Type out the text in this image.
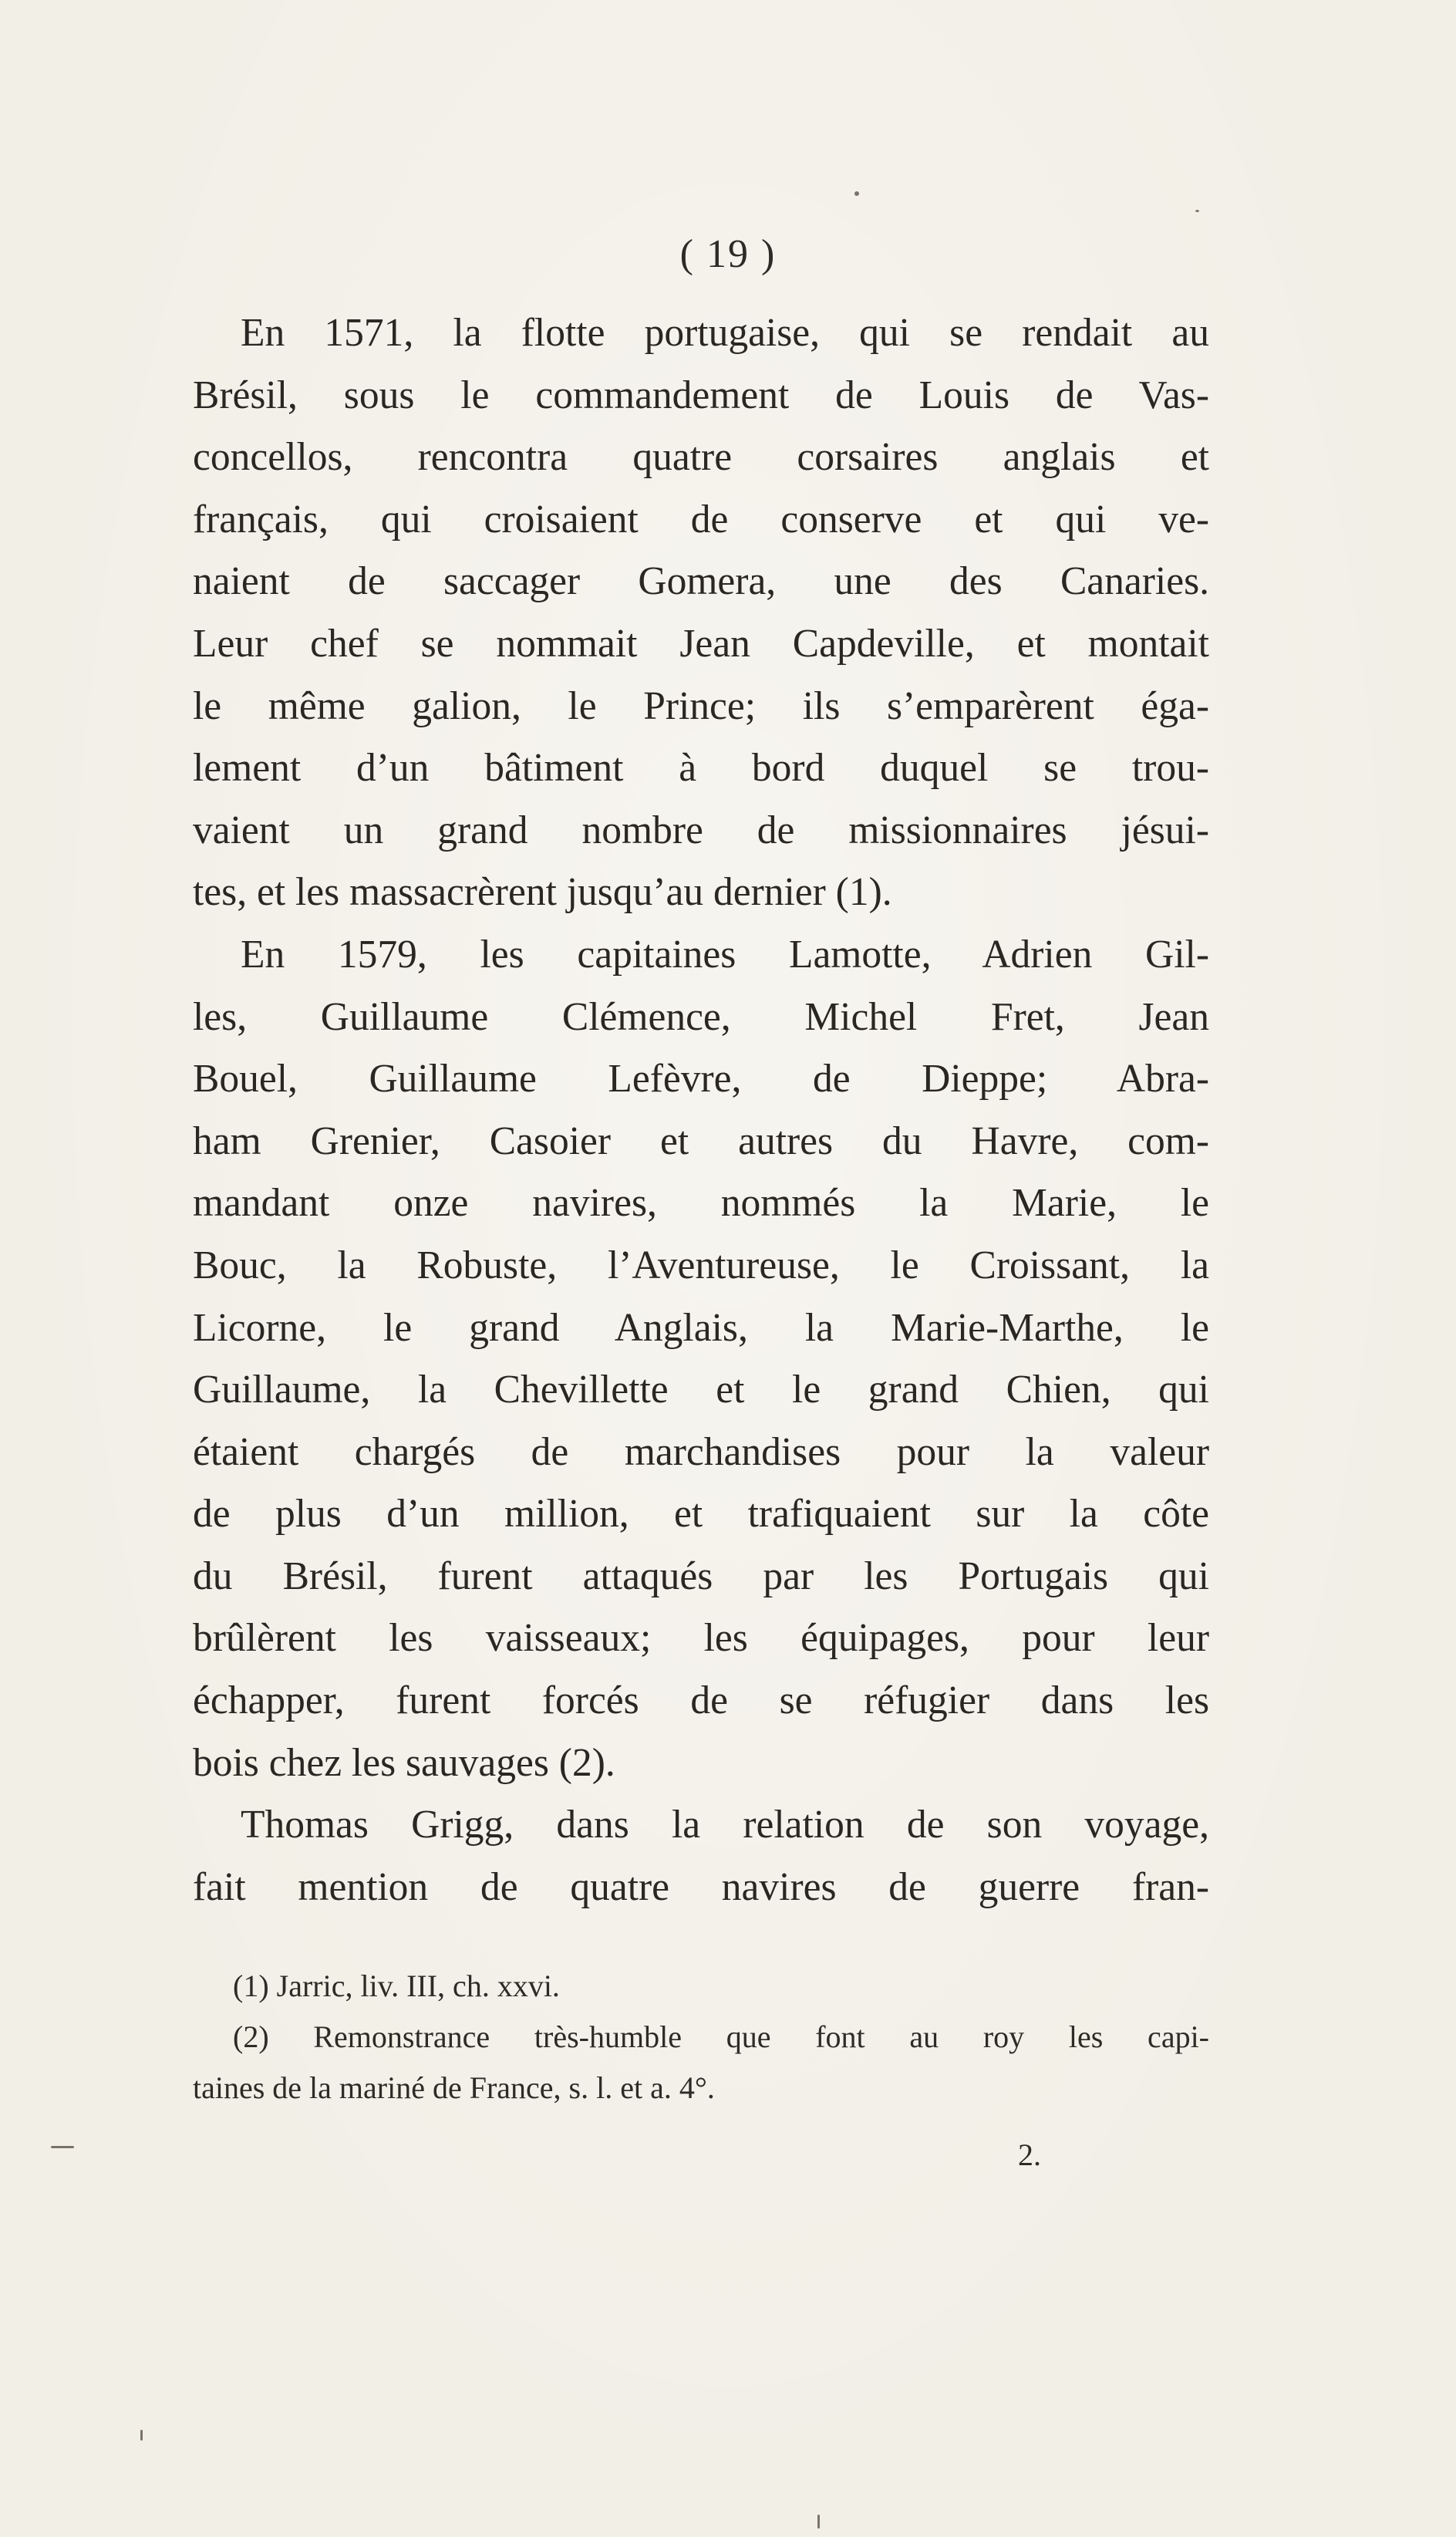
( 19 )
En 1571, la flotte portugaise, qui se rendait au
Brésil, sous le commandement de Louis de Vas-
concellos, rencontra quatre corsaires anglais et
français, qui croisaient de conserve et qui ve-
naient de saccager Gomera, une des Canaries.
Leur chef se nommait Jean Capdeville, et montait
le même galion, le Prince; ils s’emparèrent éga-
lement d’un bâtiment à bord duquel se trou-
vaient un grand nombre de missionnaires jésui-
tes, et les massacrèrent jusqu’au dernier (1).
En 1579, les capitaines Lamotte, Adrien Gil-
les, Guillaume Clémence, Michel Fret, Jean
Bouel, Guillaume Lefèvre, de Dieppe; Abra-
ham Grenier, Casoier et autres du Havre, com-
mandant onze navires, nommés la Marie, le
Bouc, la Robuste, l’Aventureuse, le Croissant, la
Licorne, le grand Anglais, la Marie-Marthe, le
Guillaume, la Chevillette et le grand Chien, qui
étaient chargés de marchandises pour la valeur
de plus d’un million, et trafiquaient sur la côte
du Brésil, furent attaqués par les Portugais qui
brûlèrent les vaisseaux; les équipages, pour leur
échapper, furent forcés de se réfugier dans les
bois chez les sauvages (2).
Thomas Grigg, dans la relation de son voyage,
fait mention de quatre navires de guerre fran-
(1) Jarric, liv. III, ch. xxvi.
(2) Remonstrance très-humble que font au roy les capi-
taines de la mariné de France, s. l. et a. 4°.
2.
